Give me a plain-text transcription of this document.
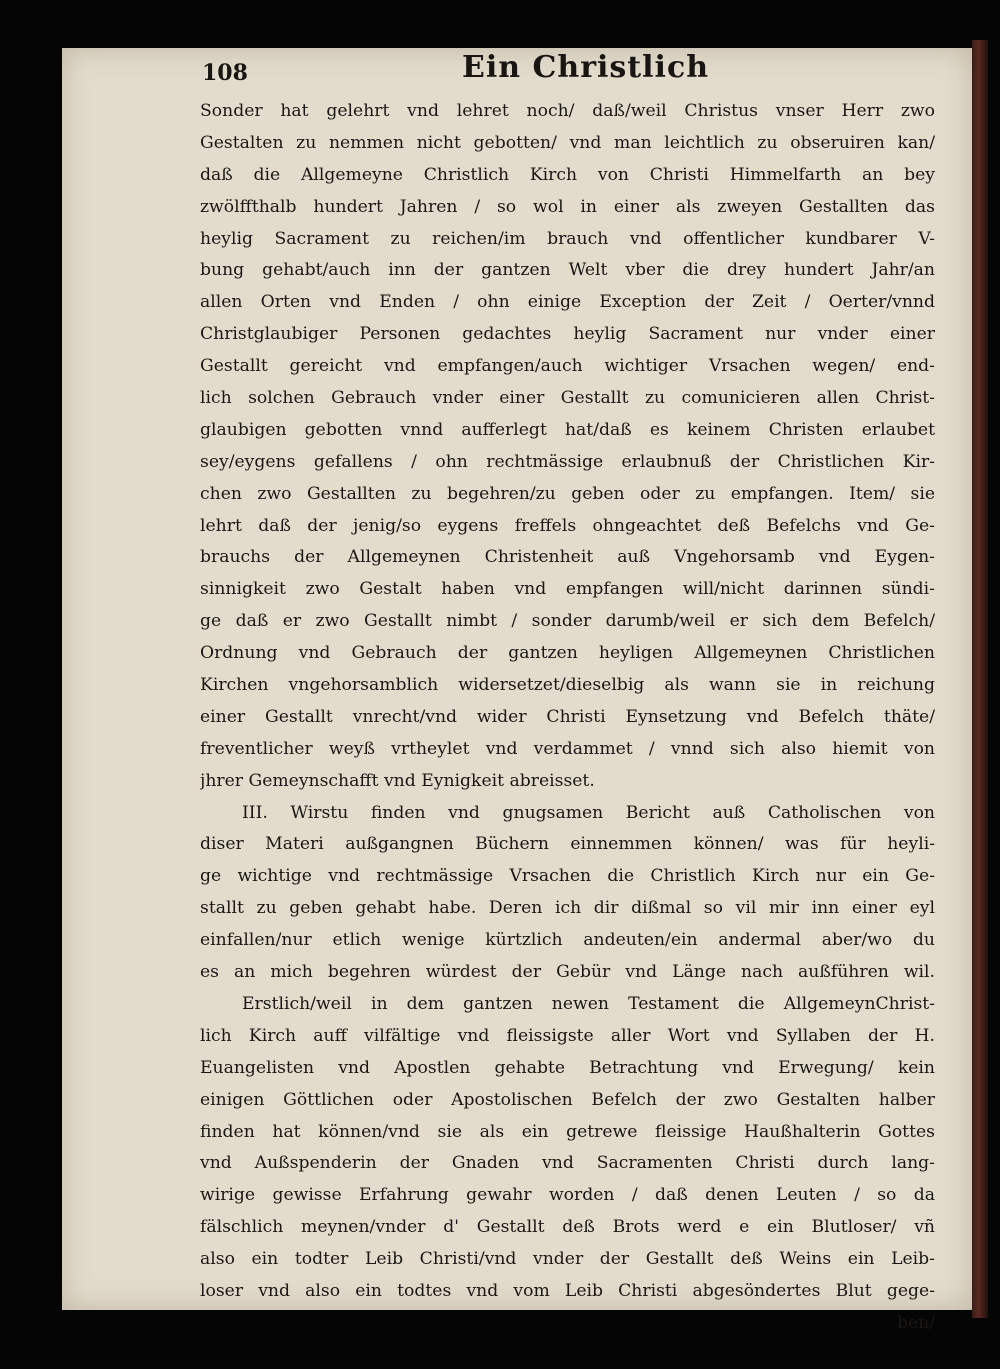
108	Ein Christlich
Sonder hat gelehrt vnd lehret noch/ daß/weil Christus vnser Herr zwo
Gestalten zu nemmen nicht gebotten/ vnd man leichtlich zu obseruiren kan/
daß die Allgemeyne Christlich Kirch von Christi Himmelfarth an bey
zwölffthalb hundert Jahren / so wol in einer als zweyen Gestallten das
heylig Sacrament zu reichen/im brauch vnd offentlicher kundbarer V-
bung gehabt/auch inn der gantzen Welt vber die drey hundert Jahr/an
allen Orten vnd Enden / ohn einige Exception der Zeit / Oerter/vnnd
Christglaubiger Personen gedachtes heylig Sacrament nur vnder einer
Gestallt gereicht vnd empfangen/auch wichtiger Vrsachen wegen/ end-
lich solchen Gebrauch vnder einer Gestallt zu comunicieren allen Christ-
glaubigen gebotten vnnd aufferlegt hat/daß es keinem Christen erlaubet
sey/eygens gefallens / ohn rechtmässige erlaubnuß der Christlichen Kir-
chen zwo Gestallten zu begehren/zu geben oder zu empfangen. Item/ sie
lehrt daß der jenig/so eygens freffels ohngeachtet deß Befelchs vnd Ge-
brauchs der Allgemeynen Christenheit auß Vngehorsamb vnd Eygen-
sinnigkeit zwo Gestalt haben vnd empfangen will/nicht darinnen sündi-
ge daß er zwo Gestallt nimbt / sonder darumb/weil er sich dem Befelch/
Ordnung vnd Gebrauch der gantzen heyligen Allgemeynen Christlichen
Kirchen vngehorsamblich widersetzet/dieselbig als wann sie in reichung
einer Gestallt vnrecht/vnd wider Christi Eynsetzung vnd Befelch thäte/
freventlicher weyß vrtheylet vnd verdammet / vnnd sich also hiemit von
jhrer Gemeynschafft vnd Eynigkeit abreisset.
III. Wirstu finden vnd gnugsamen Bericht auß Catholischen von
diser Materi außgangnen Büchern einnemmen können/ was für heyli-
ge wichtige vnd rechtmässige Vrsachen die Christlich Kirch nur ein Ge-
stallt zu geben gehabt habe. Deren ich dir dißmal so vil mir inn einer eyl
einfallen/nur etlich wenige kürtzlich andeuten/ein andermal aber/wo du
es an mich begehren würdest der Gebür vnd Länge nach außführen wil.
Erstlich/weil in dem gantzen newen Testament die AllgemeynChrist-
lich Kirch auff vilfältige vnd fleissigste aller Wort vnd Syllaben der H.
Euangelisten vnd Apostlen gehabte Betrachtung vnd Erwegung/ kein
einigen Göttlichen oder Apostolischen Befelch der zwo Gestalten halber
finden hat können/vnd sie als ein getrewe fleissige Haußhalterin Gottes
vnd Außspenderin der Gnaden vnd Sacramenten Christi durch lang-
wirige gewisse Erfahrung gewahr worden / daß denen Leuten / so da
fälschlich meynen/vnder d' Gestallt deß Brots werd e ein Blutloser/ vñ
also ein todter Leib Christi/vnd vnder der Gestallt deß Weins ein Leib-
loser vnd also ein todtes vnd vom Leib Christi abgesöndertes Blut gege-
ben/
